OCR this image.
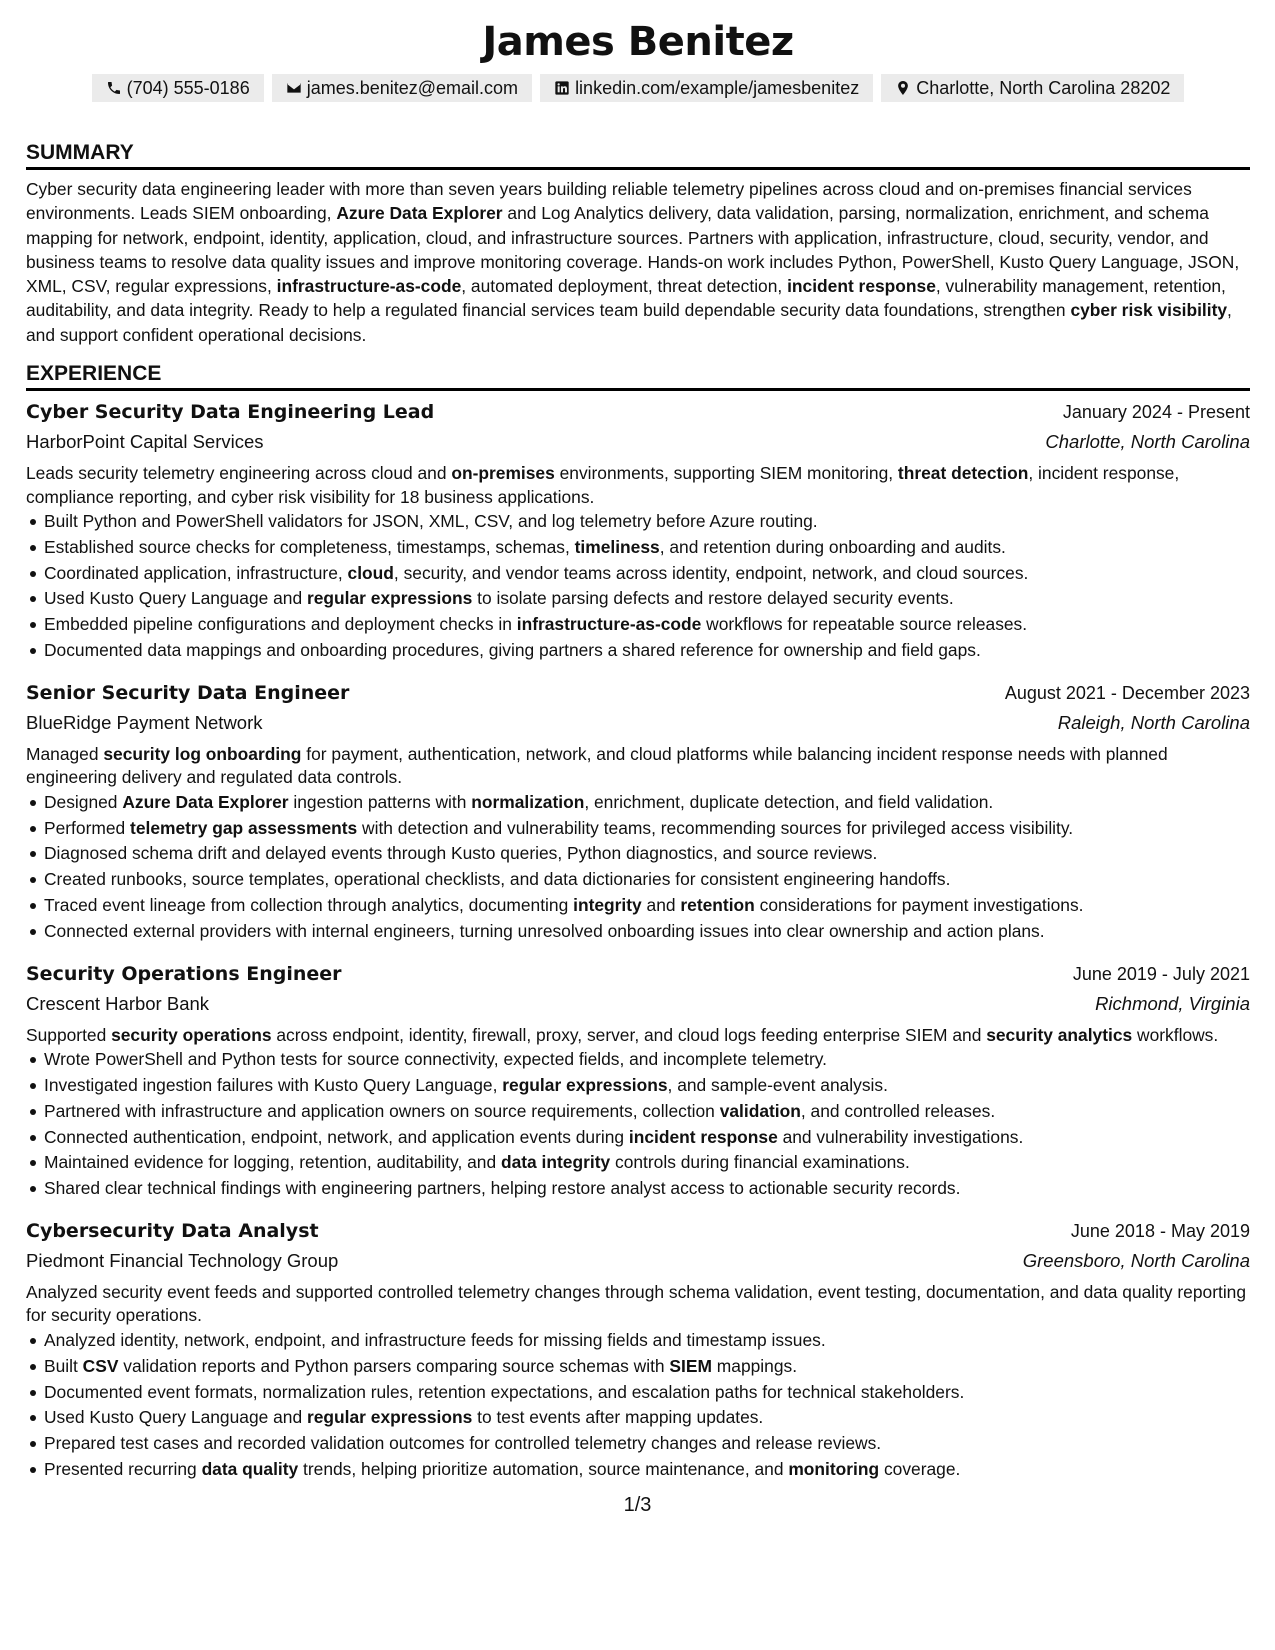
James Benitez
(704) 555-0186	james.benitez@email.com	linkedin.com/example/jamesbenitez	Charlotte, North Carolina 28202
SUMMARY

Cyber security data engineering leader with more than seven years building reliable telemetry pipelines across cloud and on-premises financial services environments. Leads SIEM onboarding, Azure Data Explorer and Log Analytics delivery, data validation, parsing, normalization, enrichment, and schema mapping for network, endpoint, identity, application, cloud, and infrastructure sources. Partners with application, infrastructure, cloud, security, vendor, and business teams to resolve data quality issues and improve monitoring coverage. Hands-on work includes Python, PowerShell, Kusto Query Language, JSON, XML, CSV, regular expressions, infrastructure-as-code, automated deployment, threat detection, incident response, vulnerability management, retention, auditability, and data integrity. Ready to help a regulated financial services team build dependable security data foundations, strengthen cyber risk visibility, and support confident operational decisions.

EXPERIENCE
Cyber Security Data Engineering Lead	January 2024 - Present
HarborPoint Capital Services	Charlotte, North Carolina

Leads security telemetry engineering across cloud and on-premises environments, supporting SIEM monitoring, threat detection, incident response, compliance reporting, and cyber risk visibility for 18 business applications.

Built Python and PowerShell validators for JSON, XML, CSV, and log telemetry before Azure routing.
Established source checks for completeness, timestamps, schemas, timeliness, and retention during onboarding and audits.
Coordinated application, infrastructure, cloud, security, and vendor teams across identity, endpoint, network, and cloud sources.
Used Kusto Query Language and regular expressions to isolate parsing defects and restore delayed security events.
Embedded pipeline configurations and deployment checks in infrastructure-as-code workflows for repeatable source releases.
Documented data mappings and onboarding procedures, giving partners a shared reference for ownership and field gaps.
Senior Security Data Engineer	August 2021 - December 2023
BlueRidge Payment Network	Raleigh, North Carolina

Managed security log onboarding for payment, authentication, network, and cloud platforms while balancing incident response needs with planned engineering delivery and regulated data controls.

Designed Azure Data Explorer ingestion patterns with normalization, enrichment, duplicate detection, and field validation.
Performed telemetry gap assessments with detection and vulnerability teams, recommending sources for privileged access visibility.
Diagnosed schema drift and delayed events through Kusto queries, Python diagnostics, and source reviews.
Created runbooks, source templates, operational checklists, and data dictionaries for consistent engineering handoffs.
Traced event lineage from collection through analytics, documenting integrity and retention considerations for payment investigations.
Connected external providers with internal engineers, turning unresolved onboarding issues into clear ownership and action plans.
Security Operations Engineer	June 2019 - July 2021
Crescent Harbor Bank	Richmond, Virginia

Supported security operations across endpoint, identity, firewall, proxy, server, and cloud logs feeding enterprise SIEM and security analytics workflows.

Wrote PowerShell and Python tests for source connectivity, expected fields, and incomplete telemetry.
Investigated ingestion failures with Kusto Query Language, regular expressions, and sample-event analysis.
Partnered with infrastructure and application owners on source requirements, collection validation, and controlled releases.
Connected authentication, endpoint, network, and application events during incident response and vulnerability investigations.
Maintained evidence for logging, retention, auditability, and data integrity controls during financial examinations.
Shared clear technical findings with engineering partners, helping restore analyst access to actionable security records.
Cybersecurity Data Analyst	June 2018 - May 2019
Piedmont Financial Technology Group	Greensboro, North Carolina

Analyzed security event feeds and supported controlled telemetry changes through schema validation, event testing, documentation, and data quality reporting for security operations.

Analyzed identity, network, endpoint, and infrastructure feeds for missing fields and timestamp issues.
Built CSV validation reports and Python parsers comparing source schemas with SIEM mappings.
Documented event formats, normalization rules, retention expectations, and escalation paths for technical stakeholders.
Used Kusto Query Language and regular expressions to test events after mapping updates.
Prepared test cases and recorded validation outcomes for controlled telemetry changes and release reviews.
Presented recurring data quality trends, helping prioritize automation, source maintenance, and monitoring coverage.
1/3
